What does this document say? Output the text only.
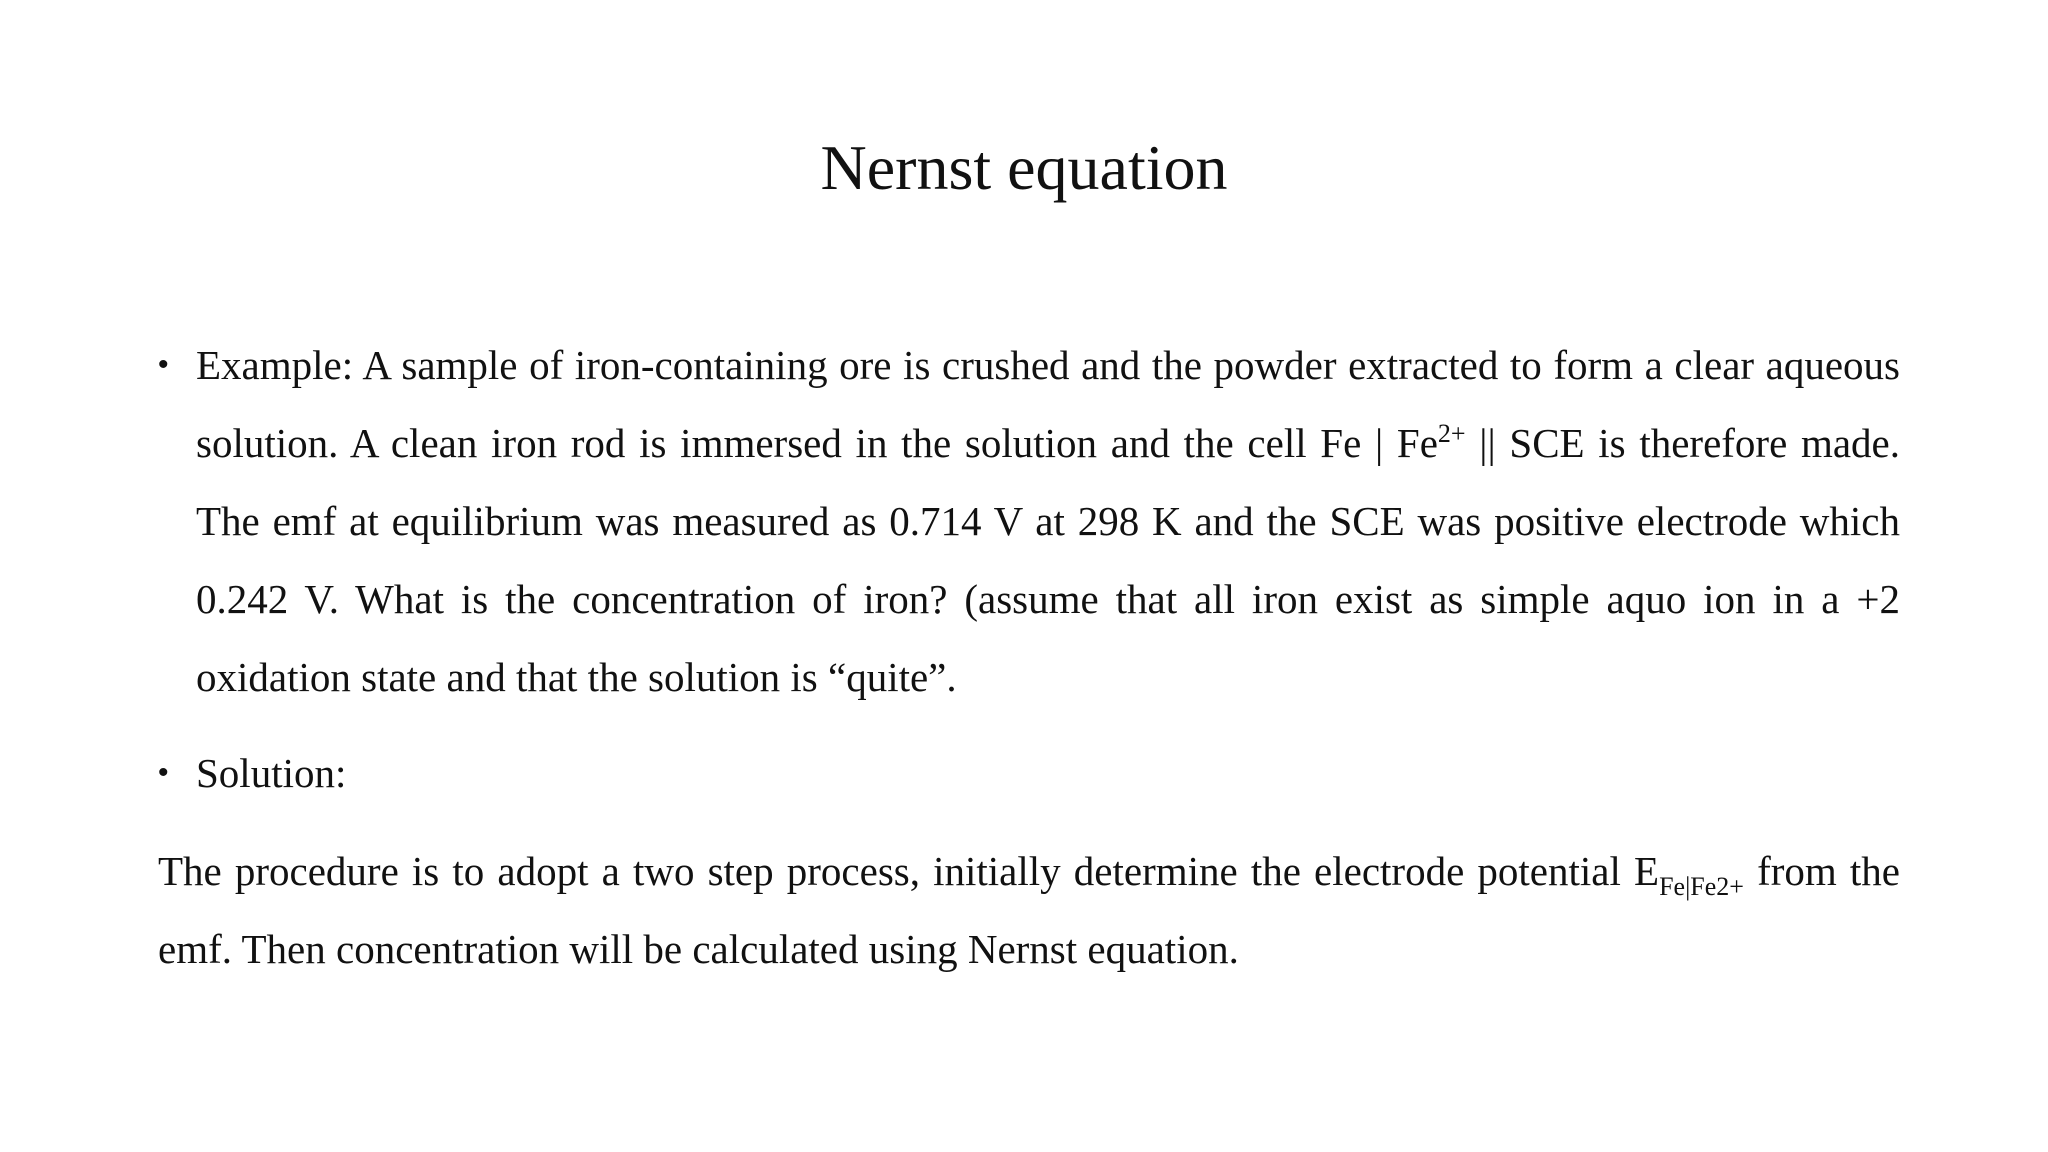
Nernst equation
• Example: A sample of iron-containing ore is crushed and the powder extracted to form a clear aqueous solution. A clean iron rod is immersed in the solution and the cell Fe | $Fe^{2+}$ || SCE is therefore made. The emf at equilibrium was measured as 0.714 V at 298 K and the SCE was positive electrode which 0.242 V. What is the concentration of iron? (assume that all iron exist as simple aquo ion in a +2 oxidation state and that the solution is “quite”.
• Solution:
The procedure is to adopt a two step process, initially determine the electrode potential $E_{Fe|Fe2+}$ from the emf. Then concentration will be calculated using Nernst equation.
